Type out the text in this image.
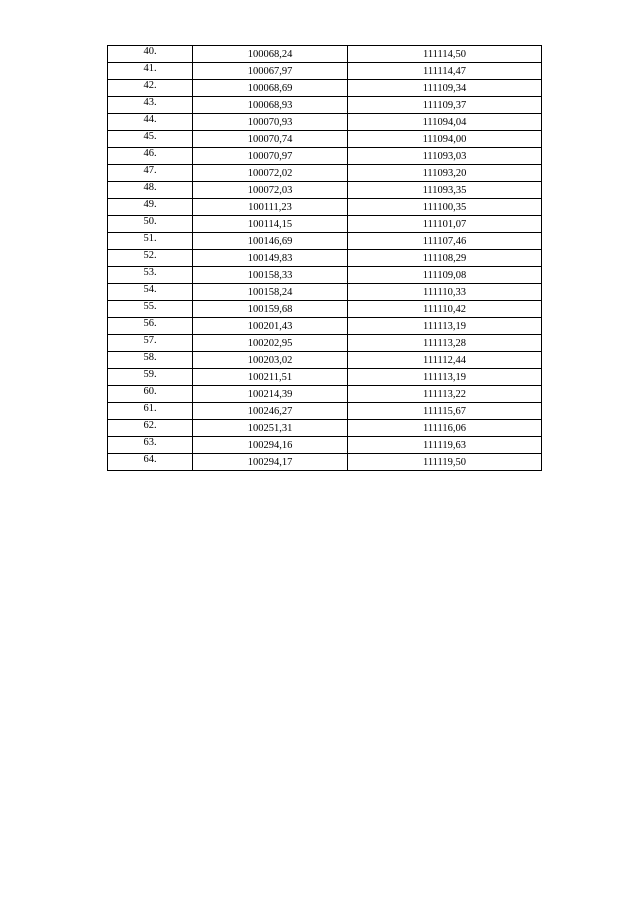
40.	100068,24	111114,50
41.	100067,97	111114,47
42.	100068,69	111109,34
43.	100068,93	111109,37
44.	100070,93	111094,04
45.	100070,74	111094,00
46.	100070,97	111093,03
47.	100072,02	111093,20
48.	100072,03	111093,35
49.	100111,23	111100,35
50.	100114,15	111101,07
51.	100146,69	111107,46
52.	100149,83	111108,29
53.	100158,33	111109,08
54.	100158,24	111110,33
55.	100159,68	111110,42
56.	100201,43	111113,19
57.	100202,95	111113,28
58.	100203,02	111112,44
59.	100211,51	111113,19
60.	100214,39	111113,22
61.	100246,27	111115,67
62.	100251,31	111116,06
63.	100294,16	111119,63
64.	100294,17	111119,50
